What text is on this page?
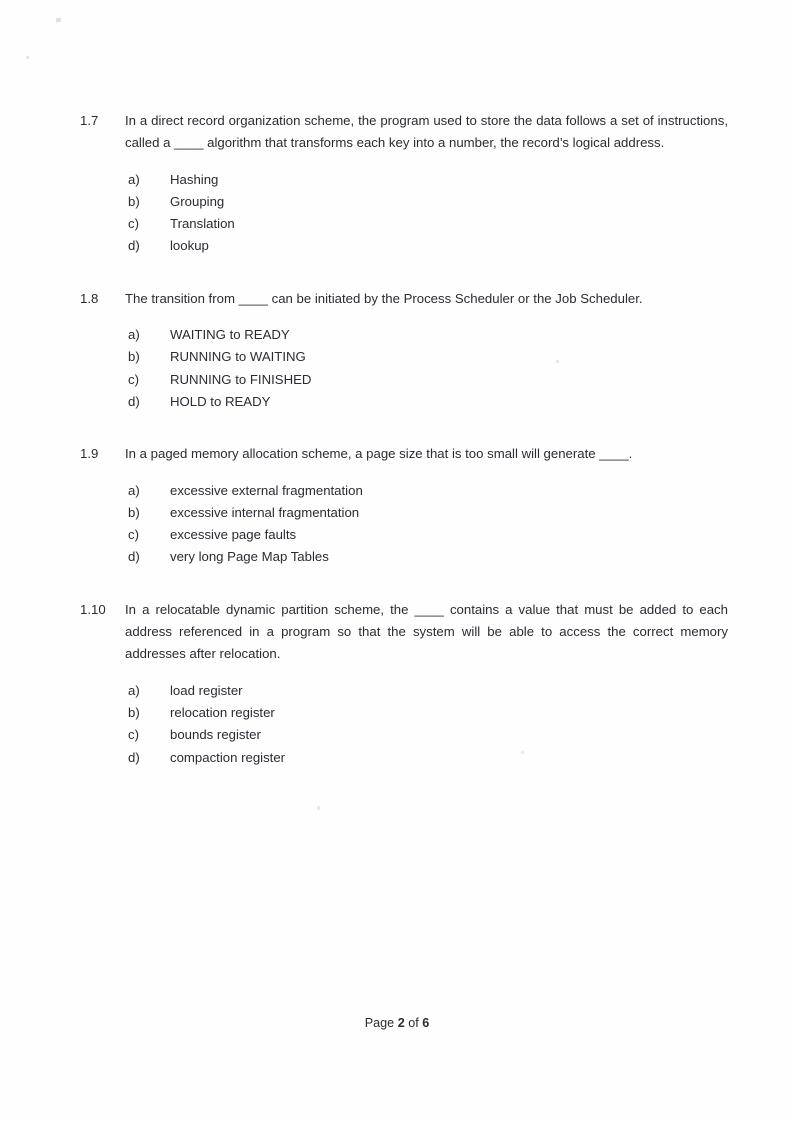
1.7	In a direct record organization scheme, the program used to store the data follows a set of instructions, called a ____ algorithm that transforms each key into a number, the record’s logical address.
a)	Hashing
b)	Grouping
c)	Translation
d)	lookup
1.8	The transition from ____ can be initiated by the Process Scheduler or the Job Scheduler.
a)	WAITING to READY
b)	RUNNING to WAITING
c)	RUNNING to FINISHED
d)	HOLD to READY
1.9	In a paged memory allocation scheme, a page size that is too small will generate ____.
a)	excessive external fragmentation
b)	excessive internal fragmentation
c)	excessive page faults
d)	very long Page Map Tables
1.10	In a relocatable dynamic partition scheme, the ____ contains a value that must be added to each address referenced in a program so that the system will be able to access the correct memory addresses after relocation.
a)	load register
b)	relocation register
c)	bounds register
d)	compaction register
Page 2 of 6
